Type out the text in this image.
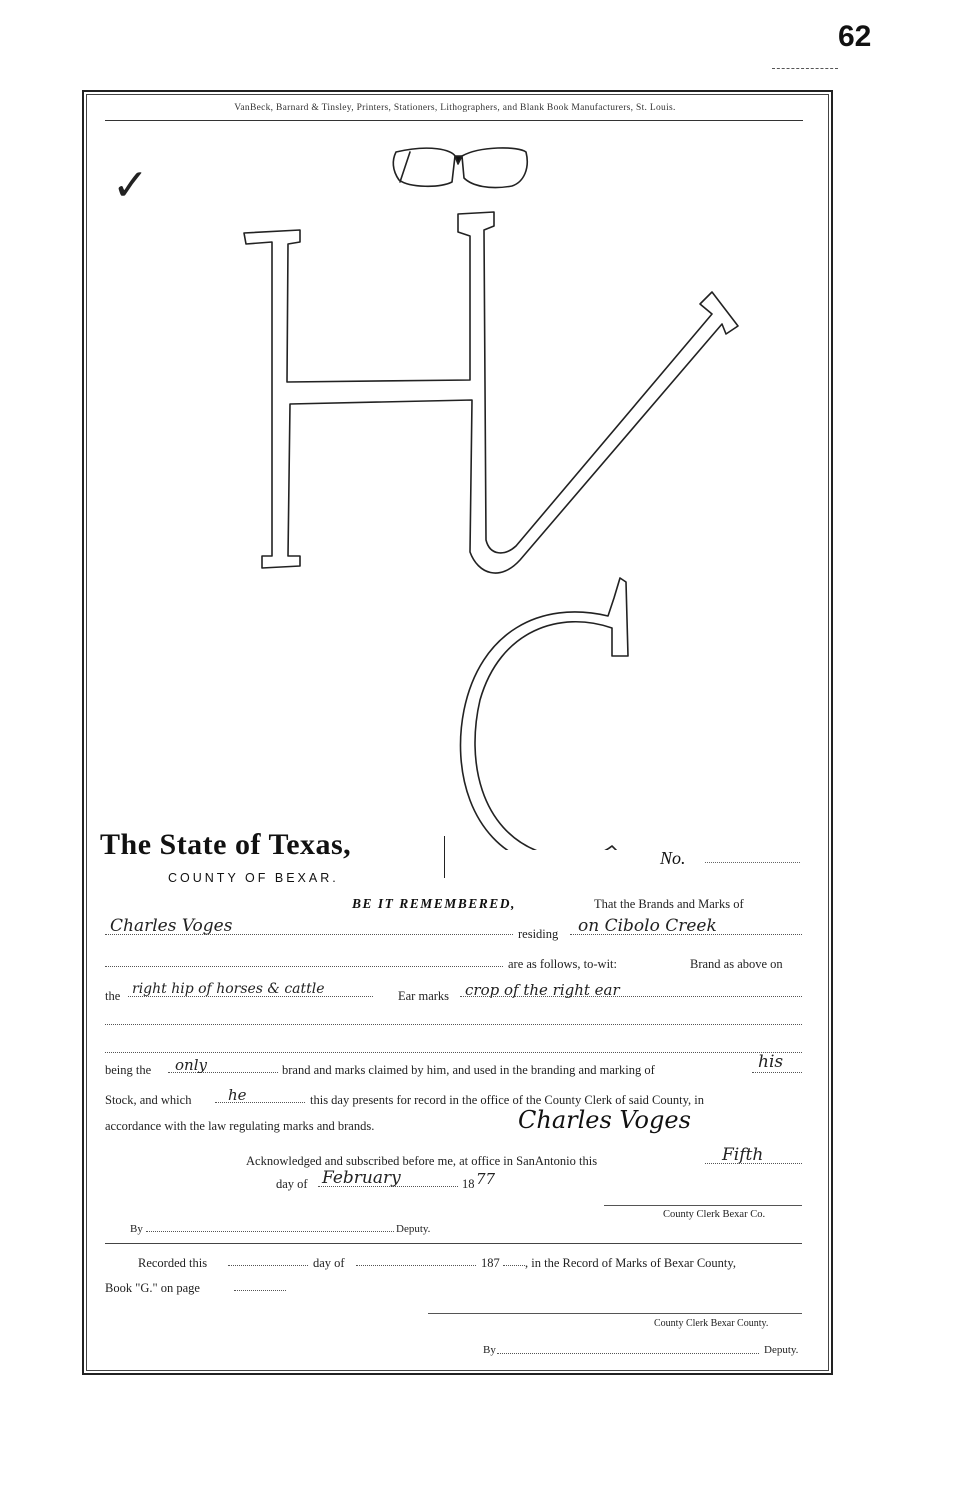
62
VanBeck, Barnard & Tinsley, Printers, Stationers, Lithographers, and Blank Book Manufacturers, St. Louis.
✓
The State of Texas,
COUNTY OF BEXAR.
No.
BE IT REMEMBERED,	That the Brands and Marks of
Charles Voges	residing on Cibolo Creek
are as follows, to-wit:	Brand as above on
the right hip of horses & cattle	Ear marks crop of the right ear
being the only	brand and marks claimed by him, and used in the branding and marking of	his
Stock, and which he	this day presents for record in the office of the County Clerk of said County, in
accordance with the law regulating marks and brands.	Charles Voges
Acknowledged and subscribed before me, at office in SanAntonio this	Fifth
day of February	18 77
County Clerk Bexar Co.
By	Deputy.
Recorded this	day of	187 , in the Record of Marks of Bexar County,
Book "G." on page
County Clerk Bexar County.
By	Deputy.
